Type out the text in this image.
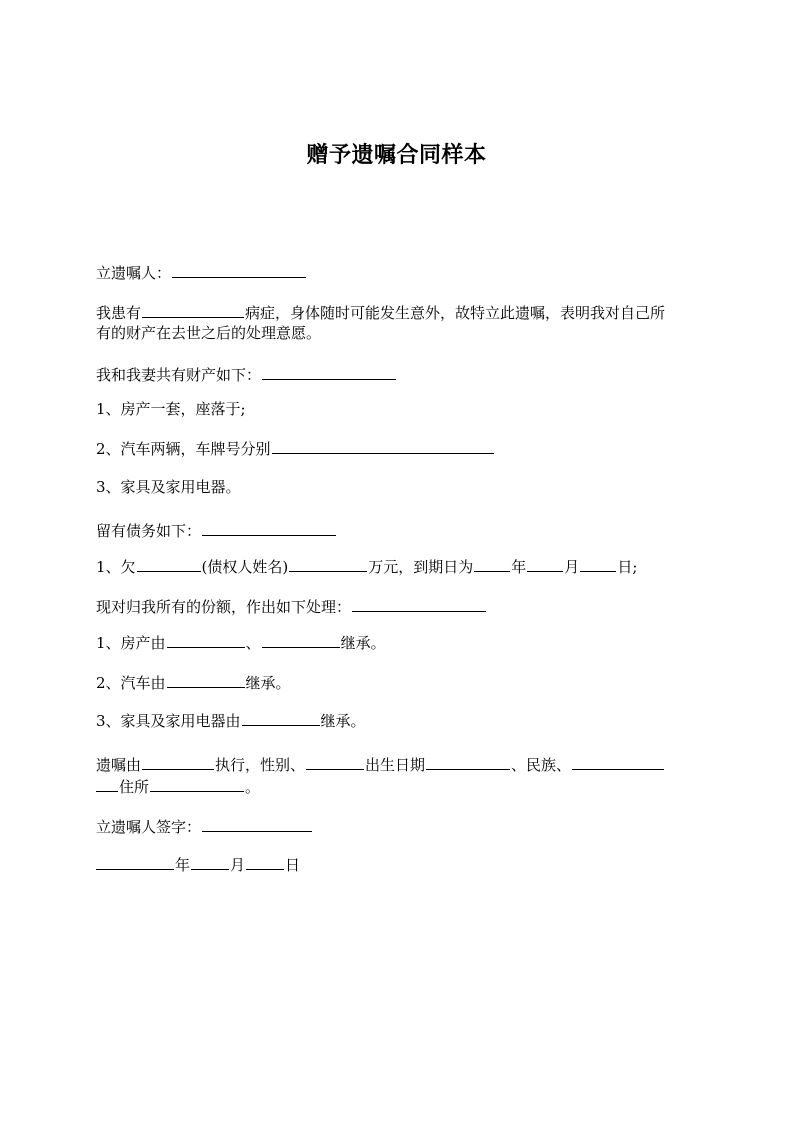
赠予遗嘱合同样本
立遗嘱人：
我患有	病症，身体随时可能发生意外，故特立此遗嘱，表明我对自己所
有的财产在去世之后的处理意愿。
我和我妻共有财产如下：
1、房产一套，座落于;
2、汽车两辆，车牌号分别
3、家具及家用电器。
留有债务如下：
1、欠	(债权人姓名)	万元，到期日为	年	月	日;
现对归我所有的份额，作出如下处理：
1、房产由	、	继承。
2、汽车由	继承。
3、家具及家用电器由	继承。
遗嘱由	执行，性别、	出生日期	、民族、
住所	。
立遗嘱人签字：
年	月	日
